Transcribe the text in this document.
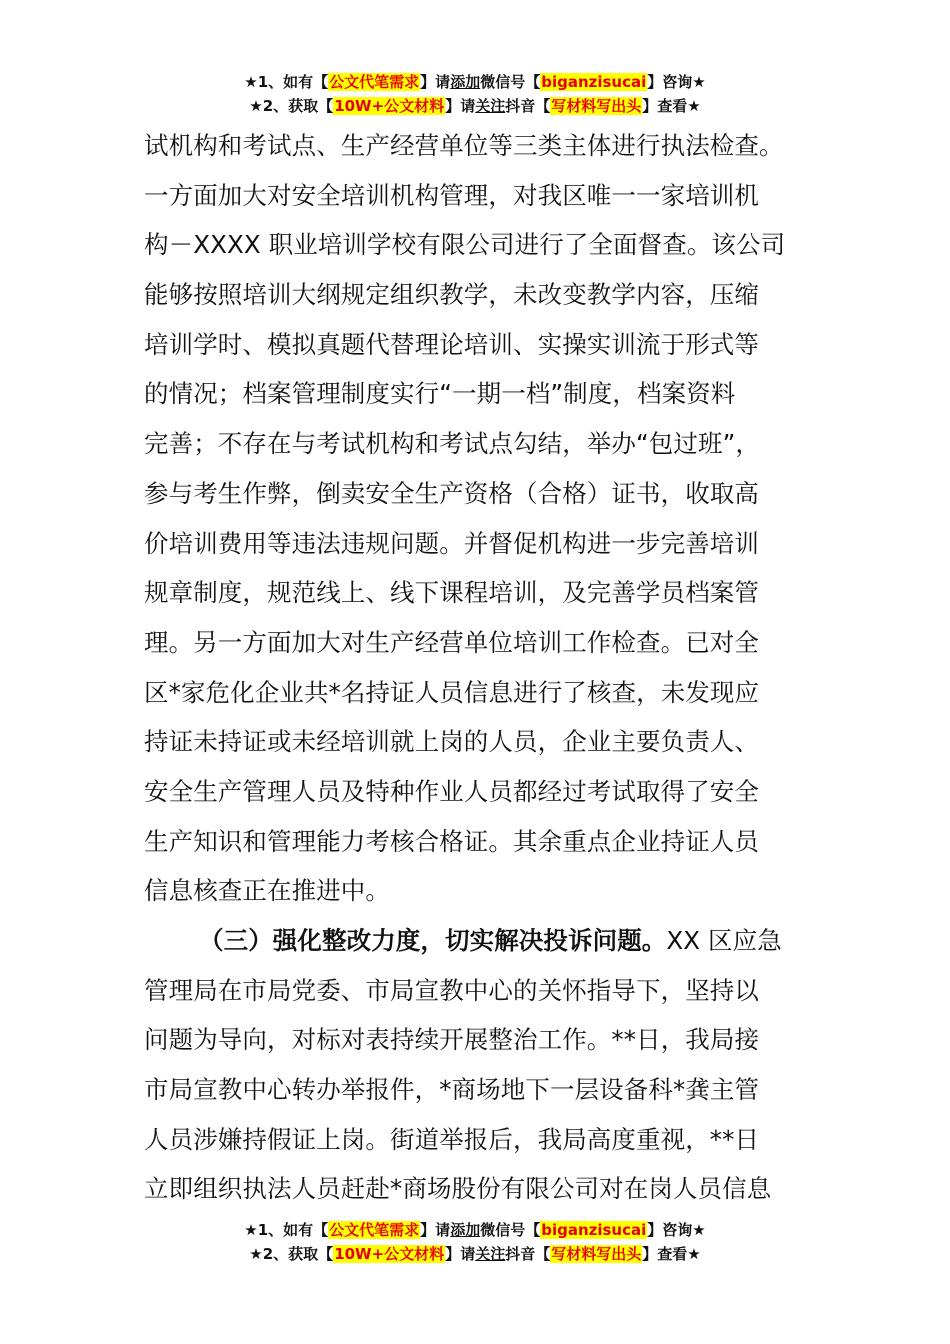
★1、如有【公文代笔需求】请添加微信号【biganzisucai】咨询★
★2、获取【10W+公文材料】请关注抖音【写材料写出头】查看★
试机构和考试点、生产经营单位等三类主体进行执法检查。
一方面加大对安全培训机构管理，对我区唯一一家培训机
构－XXXX 职业培训学校有限公司进行了全面督查。该公司
能够按照培训大纲规定组织教学，未改变教学内容，压缩
培训学时、模拟真题代替理论培训、实操实训流于形式等
的情况；档案管理制度实行“一期一档”制度，档案资料
完善；不存在与考试机构和考试点勾结，举办“包过班”，
参与考生作弊，倒卖安全生产资格（合格）证书，收取高
价培训费用等违法违规问题。并督促机构进一步完善培训
规章制度，规范线上、线下课程培训，及完善学员档案管
理。另一方面加大对生产经营单位培训工作检查。已对全
区*家危化企业共*名持证人员信息进行了核查，未发现应
持证未持证或未经培训就上岗的人员，企业主要负责人、
安全生产管理人员及特种作业人员都经过考试取得了安全
生产知识和管理能力考核合格证。其余重点企业持证人员
信息核查正在推进中。
（三）强化整改力度，切实解决投诉问题。XX 区应急
管理局在市局党委、市局宣教中心的关怀指导下，坚持以
问题为导向，对标对表持续开展整治工作。**日，我局接
市局宣教中心转办举报件，*商场地下一层设备科*龚主管
人员涉嫌持假证上岗。街道举报后，我局高度重视，**日
立即组织执法人员赶赴*商场股份有限公司对在岗人员信息
★1、如有【公文代笔需求】请添加微信号【biganzisucai】咨询★
★2、获取【10W+公文材料】请关注抖音【写材料写出头】查看★
